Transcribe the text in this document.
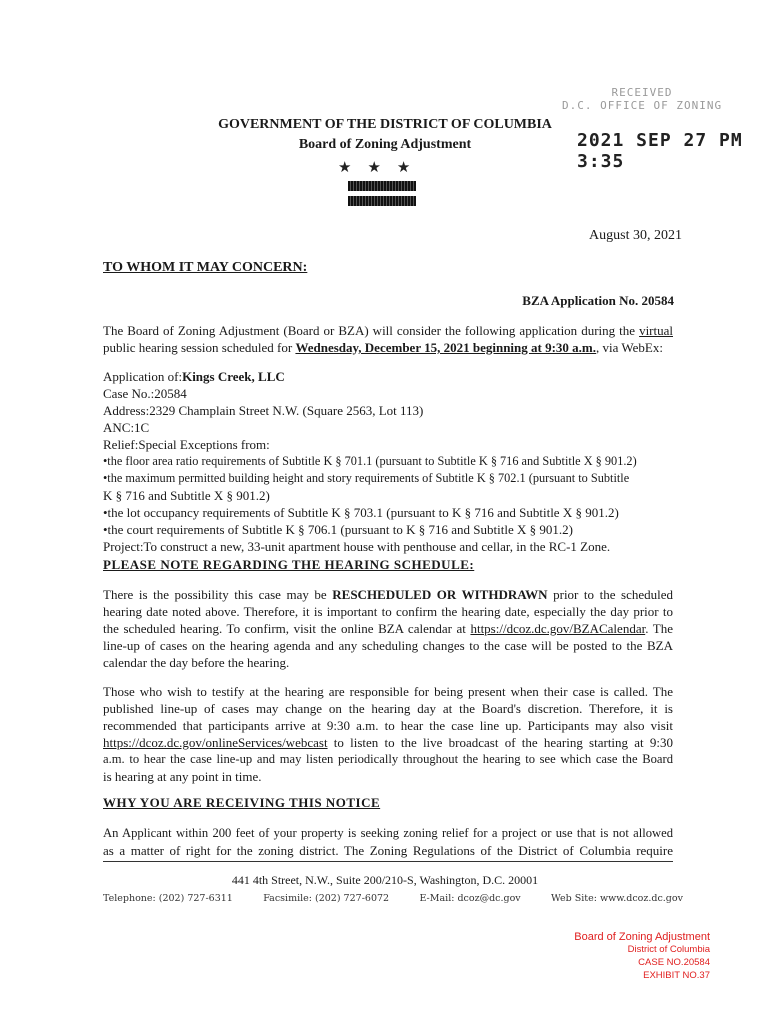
RECEIVED
D.C. OFFICE OF ZONING
2021 SEP 27 PM 3:35
GOVERNMENT OF THE DISTRICT OF COLUMBIA
Board of Zoning Adjustment
★★★
August 30, 2021
TO WHOM IT MAY CONCERN:
BZA Application No. 20584
The Board of Zoning Adjustment (Board or BZA) will consider the following application during the virtual
public hearing session scheduled for Wednesday, December 15, 2021 beginning at 9:30 a.m., via WebEx:
Application of:Kings Creek, LLC
Case No.:20584
Address:2329 Champlain Street N.W. (Square 2563, Lot 113)
ANC:1C
Relief:Special Exceptions from:
•the floor area ratio requirements of Subtitle K § 701.1 (pursuant to Subtitle K § 716 and Subtitle X § 901.2)
•the maximum permitted building height and story requirements of Subtitle K § 702.1 (pursuant to Subtitle
K § 716 and Subtitle X § 901.2)
•the lot occupancy requirements of Subtitle K § 703.1 (pursuant to K § 716 and Subtitle X § 901.2)
•the court requirements of Subtitle K § 706.1 (pursuant to K § 716 and Subtitle X § 901.2)
Project:To construct a new, 33-unit apartment house with penthouse and cellar, in the RC-1 Zone.
PLEASE NOTE REGARDING THE HEARING SCHEDULE:
There is the possibility this case may be RESCHEDULED OR WITHDRAWN prior to the scheduled
hearing date noted above. Therefore, it is important to confirm the hearing date, especially the day prior to
the scheduled hearing. To confirm, visit the online BZA calendar at https://dcoz.dc.gov/BZACalendar. The
line-up of cases on the hearing agenda and any scheduling changes to the case will be posted to the BZA
calendar the day before the hearing.
Those who wish to testify at the hearing are responsible for being present when their case is called. The
published line-up of cases may change on the hearing day at the Board's discretion. Therefore, it is
recommended that participants arrive at 9:30 a.m. to hear the case line up. Participants may also visit
https://dcoz.dc.gov/onlineServices/webcast to listen to the live broadcast of the hearing starting at 9:30
a.m. to hear the case line-up and may listen periodically throughout the hearing to see which case the Board
is hearing at any point in time.
WHY YOU ARE RECEIVING THIS NOTICE
An Applicant within 200 feet of your property is seeking zoning relief for a project or use that is not allowed
as a matter of right for the zoning district. The Zoning Regulations of the District of Columbia require
441 4th Street, N.W., Suite 200/210-S, Washington, D.C. 20001
Telephone: (202) 727-6311	Facsimile: (202) 727-6072	E-Mail: dcoz@dc.gov	Web Site: www.dcoz.dc.gov
Board of Zoning Adjustment
District of Columbia
CASE NO.20584
EXHIBIT NO.37
